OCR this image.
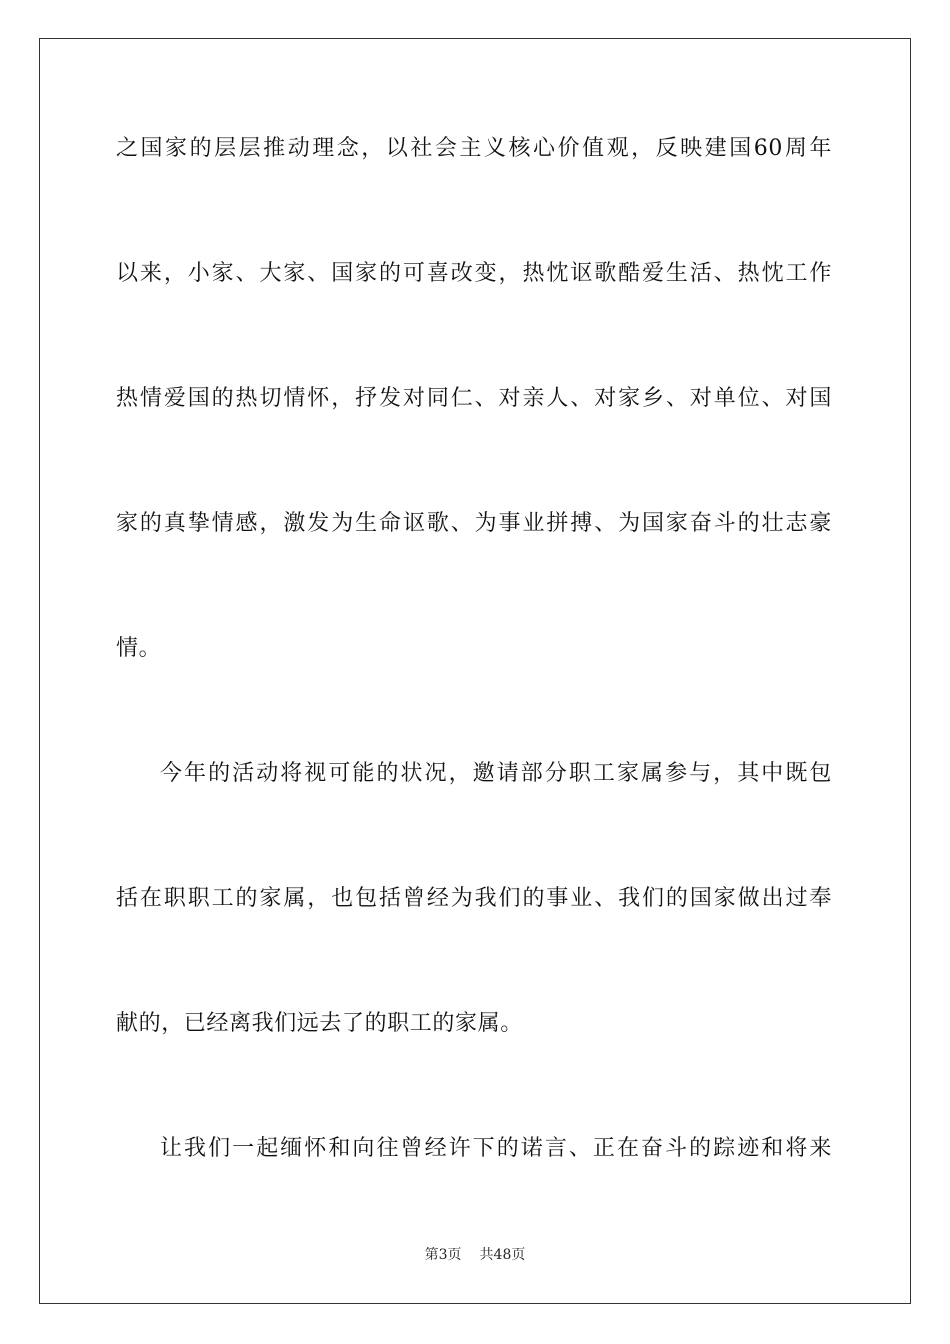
之国家的层层推动理念，以社会主义核心价值观，反映建国60周年
以来，小家、大家、国家的可喜改变，热忱讴歌酷爱生活、热忱工作
热情爱国的热切情怀，抒发对同仁、对亲人、对家乡、对单位、对国
家的真挚情感，激发为生命讴歌、为事业拼搏、为国家奋斗的壮志豪
情。
今年的活动将视可能的状况，邀请部分职工家属参与，其中既包
括在职职工的家属，也包括曾经为我们的事业、我们的国家做出过奉
献的，已经离我们远去了的职工的家属。
让我们一起缅怀和向往曾经许下的诺言、正在奋斗的踪迹和将来
第3页 共48页
